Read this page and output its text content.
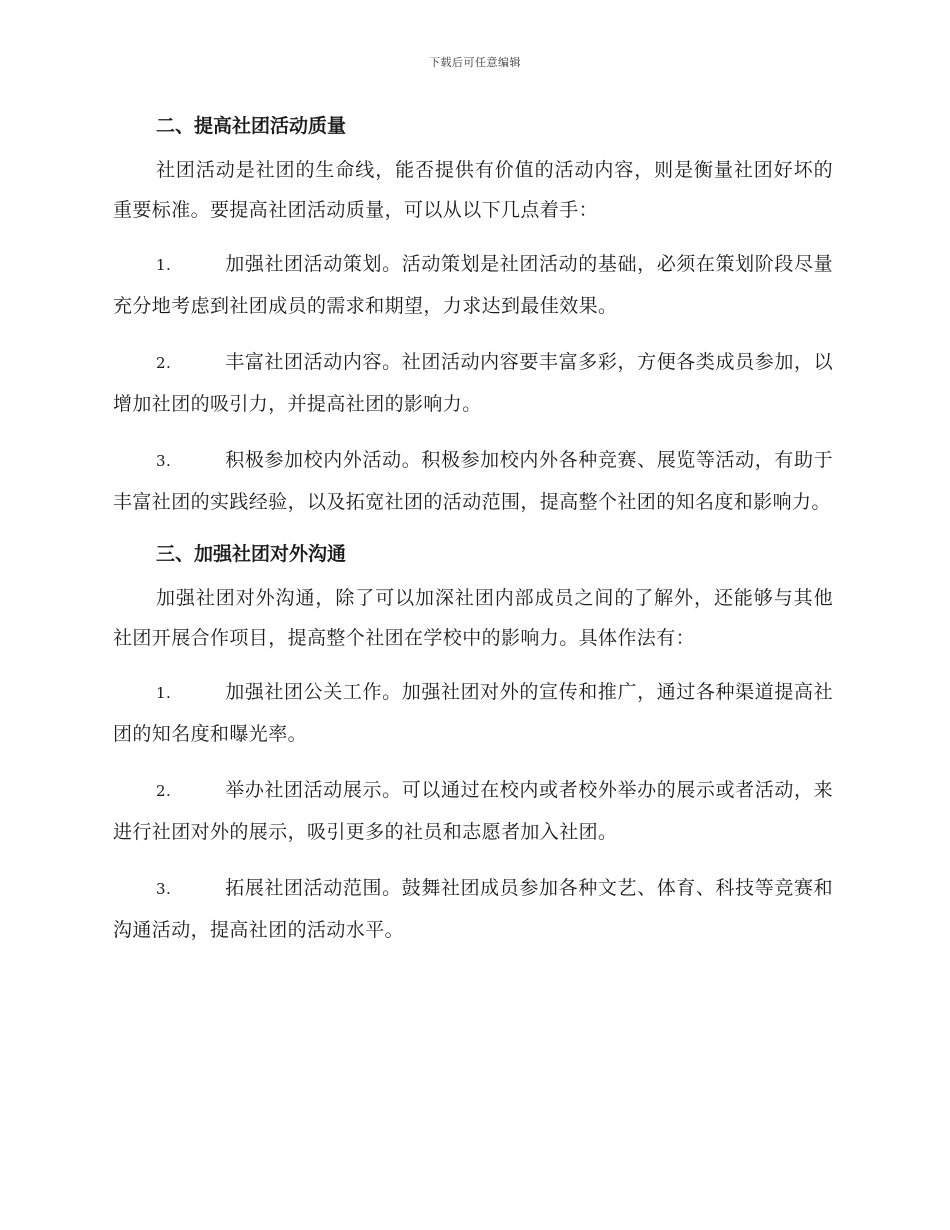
下载后可任意编辑
二、提高社团活动质量

社团活动是社团的生命线，能否提供有价值的活动内容，则是衡量社团好坏的重要标准。要提高社团活动质量，可以从以下几点着手：

1.	加强社团活动策划。活动策划是社团活动的基础，必须在策划阶段尽量充分地考虑到社团成员的需求和期望，力求达到最佳效果。

2.	丰富社团活动内容。社团活动内容要丰富多彩，方便各类成员参加，以增加社团的吸引力，并提高社团的影响力。

3.	积极参加校内外活动。积极参加校内外各种竞赛、展览等活动，有助于丰富社团的实践经验，以及拓宽社团的活动范围，提高整个社团的知名度和影响力。

三、加强社团对外沟通

加强社团对外沟通，除了可以加深社团内部成员之间的了解外，还能够与其他社团开展合作项目，提高整个社团在学校中的影响力。具体作法有：

1.	加强社团公关工作。加强社团对外的宣传和推广，通过各种渠道提高社团的知名度和曝光率。

2.	举办社团活动展示。可以通过在校内或者校外举办的展示或者活动，来进行社团对外的展示，吸引更多的社员和志愿者加入社团。

3.	拓展社团活动范围。鼓舞社团成员参加各种文艺、体育、科技等竞赛和沟通活动，提高社团的活动水平。
